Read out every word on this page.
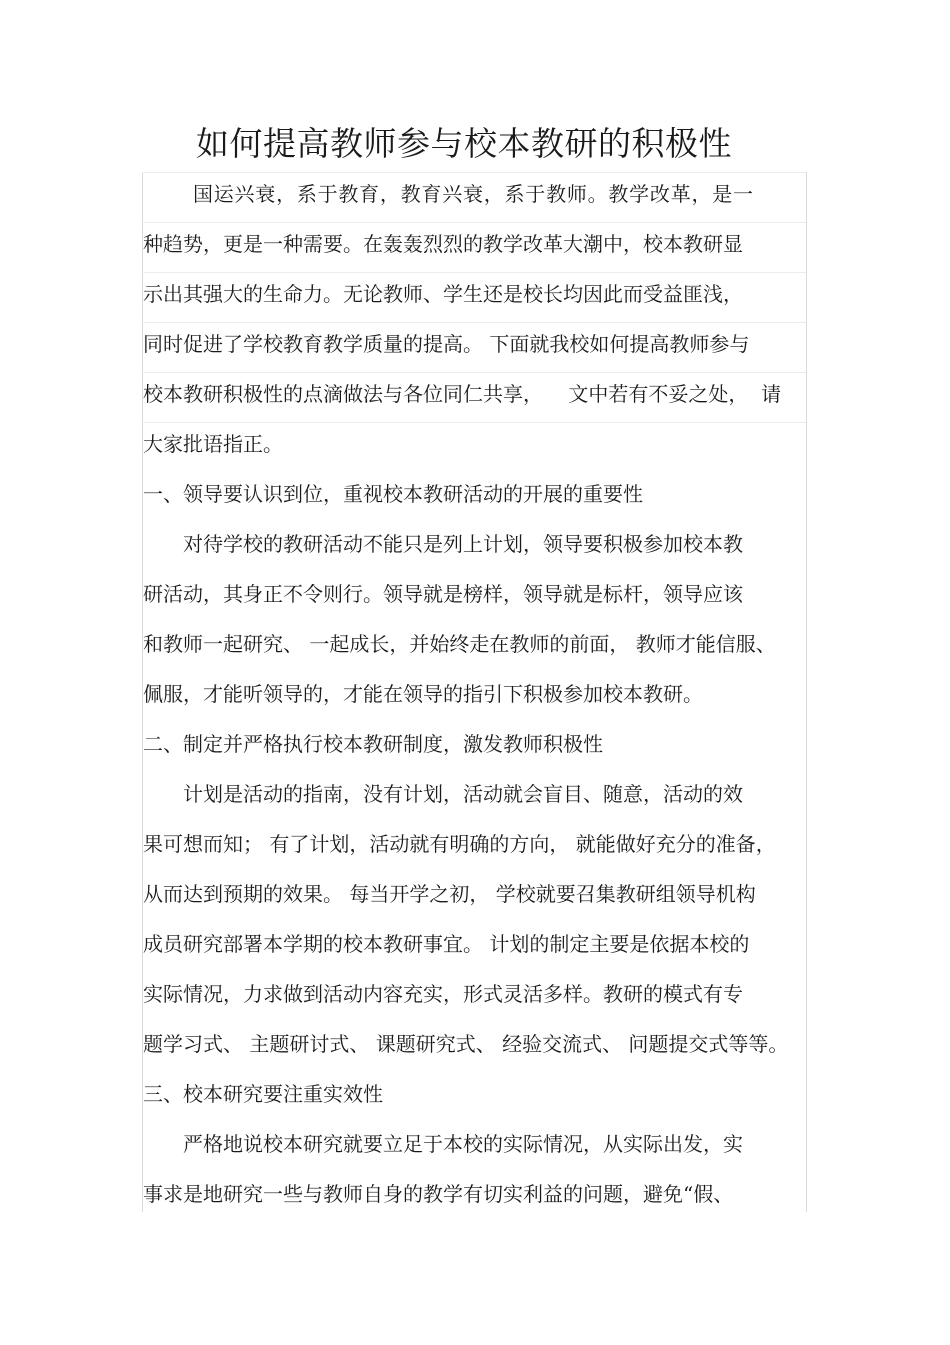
如何提高教师参与校本教研的积极性
国运兴衰，系于教育，教育兴衰，系于教师。教学改革，是一
种趋势，更是一种需要。在轰轰烈烈的教学改革大潮中，校本教研显
示出其强大的生命力。无论教师、学生还是校长均因此而受益匪浅，
同时促进了学校教育教学质量的提高。 下面就我校如何提高教师参与
校本教研积极性的点滴做法与各位同仁共享，    文中若有不妥之处，  请
大家批语指正。
一、领导要认识到位，重视校本教研活动的开展的重要性
对待学校的教研活动不能只是列上计划，领导要积极参加校本教
研活动，其身正不令则行。领导就是榜样，领导就是标杆，领导应该
和教师一起研究、 一起成长，并始终走在教师的前面， 教师才能信服、
佩服，才能听领导的，才能在领导的指引下积极参加校本教研。
二、制定并严格执行校本教研制度，激发教师积极性
计划是活动的指南，没有计划，活动就会盲目、随意，活动的效
果可想而知； 有了计划，活动就有明确的方向， 就能做好充分的准备，
从而达到预期的效果。 每当开学之初， 学校就要召集教研组领导机构
成员研究部署本学期的校本教研事宜。 计划的制定主要是依据本校的
实际情况，力求做到活动内容充实，形式灵活多样。教研的模式有专
题学习式、 主题研讨式、 课题研究式、 经验交流式、 问题提交式等等。
三、校本研究要注重实效性
严格地说校本研究就要立足于本校的实际情况，从实际出发，实
事求是地研究一些与教师自身的教学有切实利益的问题，避免“假、
